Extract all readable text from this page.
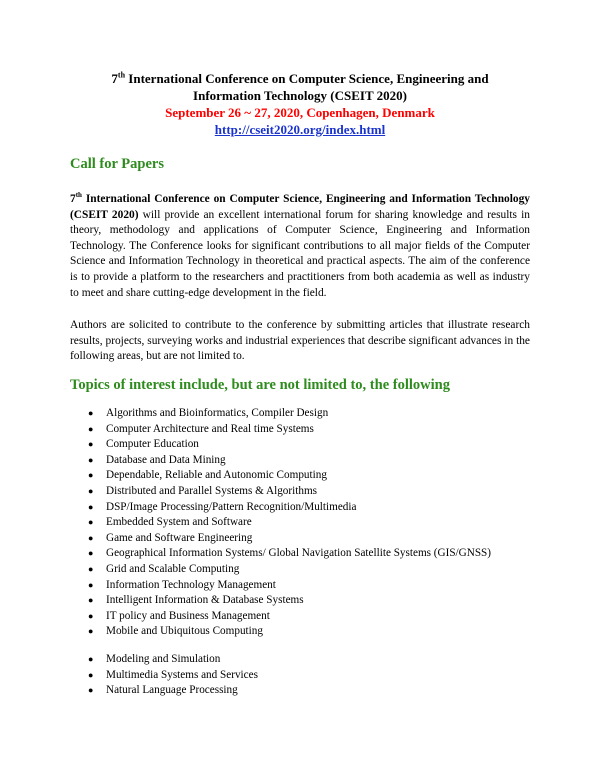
7th International Conference on Computer Science, Engineering and
Information Technology (CSEIT 2020)
September 26 ~ 27, 2020, Copenhagen, Denmark
http://cseit2020.org/index.html
Call for Papers
7th International Conference on Computer Science, Engineering and Information Technology (CSEIT 2020) will provide an excellent international forum for sharing knowledge and results in theory, methodology and applications of Computer Science, Engineering and Information Technology. The Conference looks for significant contributions to all major fields of the Computer Science and Information Technology in theoretical and practical aspects. The aim of the conference is to provide a platform to the researchers and practitioners from both academia as well as industry to meet and share cutting-edge development in the field.
Authors are solicited to contribute to the conference by submitting articles that illustrate research results, projects, surveying works and industrial experiences that describe significant advances in the following areas, but are not limited to.
Topics of interest include, but are not limited to, the following
● Algorithms and Bioinformatics, Compiler Design
● Computer Architecture and Real time Systems
● Computer Education
● Database and Data Mining
● Dependable, Reliable and Autonomic Computing
● Distributed and Parallel Systems & Algorithms
● DSP/Image Processing/Pattern Recognition/Multimedia
● Embedded System and Software
● Game and Software Engineering
● Geographical Information Systems/ Global Navigation Satellite Systems (GIS/GNSS)
● Grid and Scalable Computing
● Information Technology Management
● Intelligent Information & Database Systems
● IT policy and Business Management
● Mobile and Ubiquitous Computing
● Modeling and Simulation
● Multimedia Systems and Services
● Natural Language Processing
